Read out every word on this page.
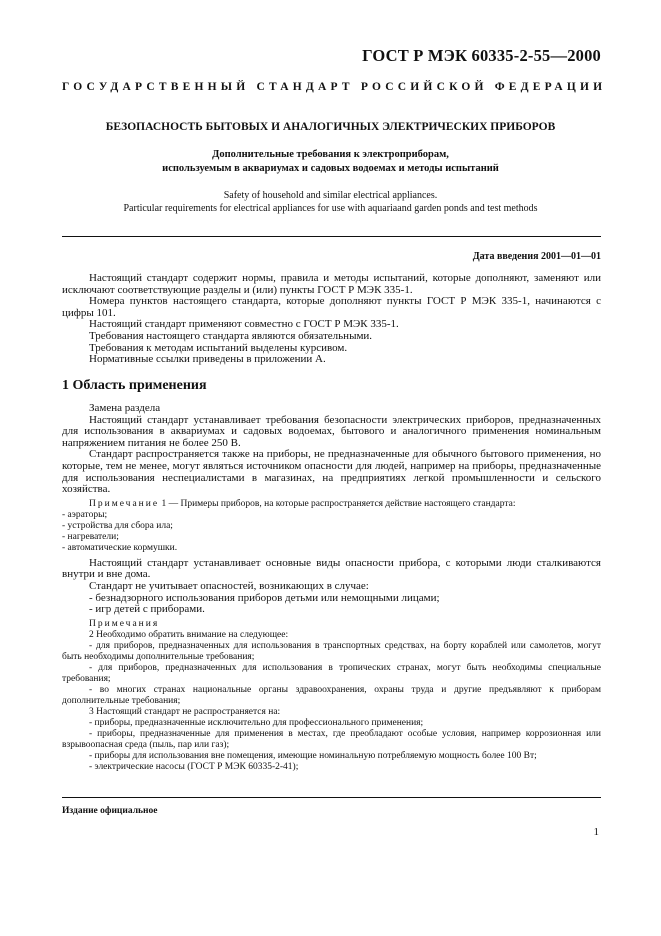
ГОСТ Р МЭК 60335-2-55—2000
ГОСУДАРСТВЕННЫЙ СТАНДАРТ РОССИЙСКОЙ ФЕДЕРАЦИИ
БЕЗОПАСНОСТЬ БЫТОВЫХ И АНАЛОГИЧНЫХ ЭЛЕКТРИЧЕСКИХ ПРИБОРОВ
Дополнительные требования к электроприборам,
используемым в аквариумах и садовых водоемах и методы испытаний
Safety of household and similar electrical appliances.
Particular requirements for electrical appliances for use with aquariaand garden ponds and test methods
Дата введения 2001—01—01

Настоящий стандарт содержит нормы, правила и методы испытаний, которые дополняют, заменяют или исключают соответствующие разделы и (или) пункты ГОСТ Р МЭК 335-1.

Номера пунктов настоящего стандарта, которые дополняют пункты ГОСТ Р МЭК 335-1, начинаются с цифры 101.

Настоящий стандарт применяют совместно с ГОСТ Р МЭК 335-1.

Требования настоящего стандарта являются обязательными.

Требования к методам испытаний выделены курсивом.

Нормативные ссылки приведены в приложении А.

1 Область применения

Замена раздела

Настоящий стандарт устанавливает требования безопасности электрических приборов, предназначенных для использования в аквариумах и садовых водоемах, бытового и аналогичного применения номинальным напряжением питания не более 250 В.

Стандарт распространяется также на приборы, не предназначенные для обычного бытового применения, но которые, тем не менее, могут являться источником опасности для людей, например на приборы, предназначенные для использования неспециалистами в магазинах, на предприятиях легкой промышленности и сельского хозяйства.

Примечание 1 — Примеры приборов, на которые распространяется действие настоящего стандарта:
- аэраторы;
- устройства для сбора ила;
- нагреватели;
- автоматические кормушки.

Настоящий стандарт устанавливает основные виды опасности прибора, с которыми люди сталкиваются внутри и вне дома.

Стандарт не учитывает опасностей, возникающих в случае:

- безнадзорного использования приборов детьми или немощными лицами;
- игр детей с приборами.
Примечания
2 Необходимо обратить внимание на следующее:
- для приборов, предназначенных для использования в транспортных средствах, на борту кораблей или самолетов, могут быть необходимы дополнительные требования;
- для приборов, предназначенных для использования в тропических странах, могут быть необходимы специальные требования;
- во многих странах национальные органы здравоохранения, охраны труда и другие предъявляют к приборам дополнительные требования;
3 Настоящий стандарт не распространяется на:
- приборы, предназначенные исключительно для профессионального применения;
- приборы, предназначенные для применения в местах, где преобладают особые условия, например коррозионная или взрывоопасная среда (пыль, пар или газ);
- приборы для использования вне помещения, имеющие номинальную потребляемую мощность более 100 Вт;
- электрические насосы (ГОСТ Р МЭК 60335-2-41);
Издание официальное
1
